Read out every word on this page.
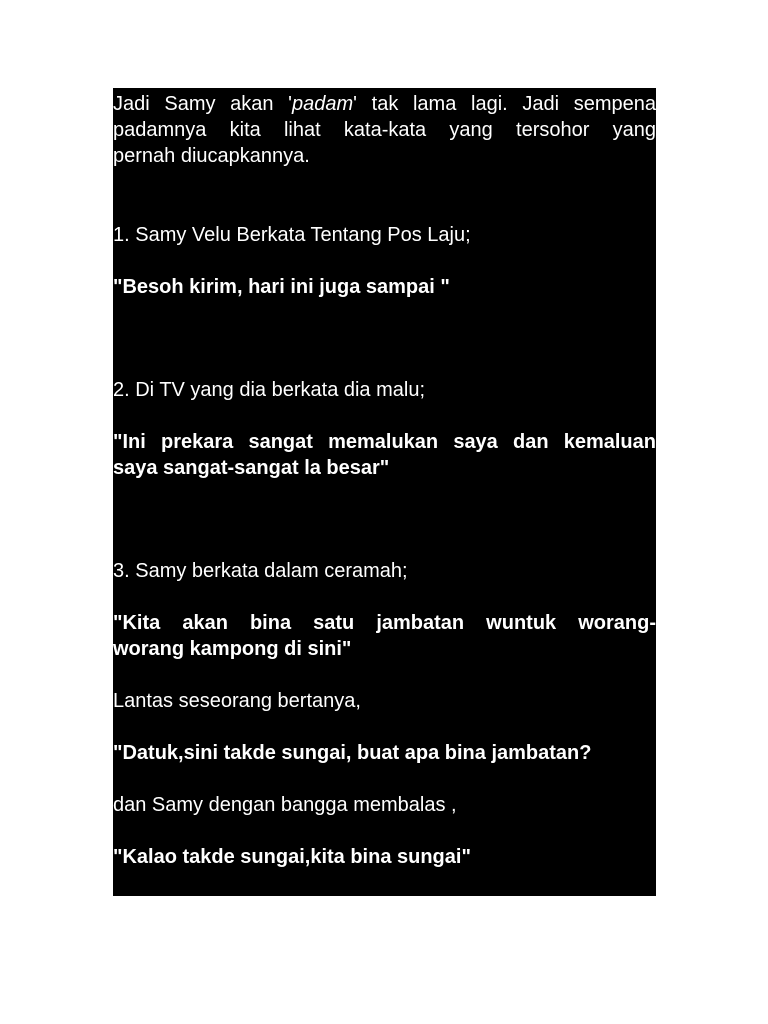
Jadi Samy akan 'padam' tak lama lagi. Jadi sempena

padamnya kita lihat kata-kata yang tersohor yang

pernah diucapkannya.

1. Samy Velu Berkata Tentang Pos Laju;

"Besoh kirim, hari ini juga sampai "

2. Di TV yang dia berkata dia malu;

"Ini prekara sangat memalukan saya dan kemaluan

saya sangat-sangat la besar"

3. Samy berkata dalam ceramah;

"Kita akan bina satu jambatan wuntuk worang-

worang kampong di sini"

Lantas seseorang bertanya,

"Datuk,sini takde sungai, buat apa bina jambatan?

dan Samy dengan bangga membalas ,

"Kalao takde sungai,kita bina sungai"
